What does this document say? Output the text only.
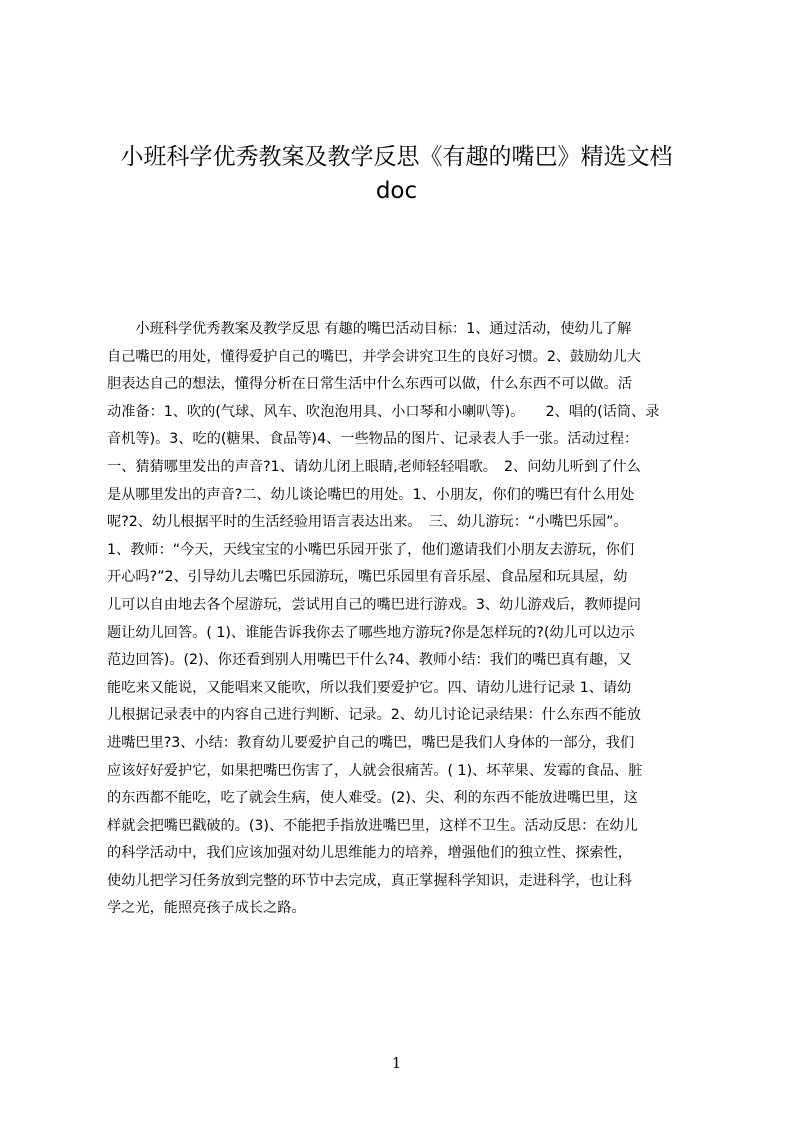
小班科学优秀教案及教学反思《有趣的嘴巴》精选文档
doc
　　小班科学优秀教案及教学反思 有趣的嘴巴活动目标：1、通过活动，使幼儿了解
自己嘴巴的用处，懂得爱护自己的嘴巴，并学会讲究卫生的良好习惯。2、鼓励幼儿大
胆表达自己的想法，懂得分析在日常生活中什么东西可以做，什么东西不可以做。活
动准备：1、吹的(气球、风车、吹泡泡用具、小口琴和小喇叭等)。　　2、唱的(话筒、录
音机等)。3、吃的(糖果、食品等)4、一些物品的图片、记录表人手一张。活动过程：
一、猜猜哪里发出的声音?1、请幼儿闭上眼睛,老师轻轻唱歌。　2、问幼儿听到了什么
是从哪里发出的声音?二、幼儿谈论嘴巴的用处。1、小朋友，你们的嘴巴有什么用处
呢?2、幼儿根据平时的生活经验用语言表达出来。　三、幼儿游玩：“小嘴巴乐园”。
1、教师：“今天，天线宝宝的小嘴巴乐园开张了，他们邀请我们小朋友去游玩，你们
开心吗?”2、引导幼儿去嘴巴乐园游玩，嘴巴乐园里有音乐屋、食品屋和玩具屋，幼
儿可以自由地去各个屋游玩，尝试用自己的嘴巴进行游戏。3、幼儿游戏后，教师提问
题让幼儿回答。( 1)、谁能告诉我你去了哪些地方游玩?你是怎样玩的?(幼儿可以边示
范边回答)。(2)、你还看到别人用嘴巴干什么?4、教师小结：我们的嘴巴真有趣，又
能吃来又能说，又能唱来又能吹，所以我们要爱护它。四、请幼儿进行记录 1、请幼
儿根据记录表中的内容自己进行判断、记录。2、幼儿讨论记录结果：什么东西不能放
进嘴巴里?3、小结：教育幼儿要爱护自己的嘴巴，嘴巴是我们人身体的一部分，我们
应该好好爱护它，如果把嘴巴伤害了，人就会很痛苦。( 1)、坏苹果、发霉的食品、脏
的东西都不能吃，吃了就会生病，使人难受。(2)、尖、利的东西不能放进嘴巴里，这
样就会把嘴巴戳破的。(3)、不能把手指放进嘴巴里，这样不卫生。活动反思：在幼儿
的科学活动中，我们应该加强对幼儿思维能力的培养，增强他们的独立性、探索性，
使幼儿把学习任务放到完整的环节中去完成，真正掌握科学知识，走进科学，也让科
学之光，能照亮孩子成长之路。
1
